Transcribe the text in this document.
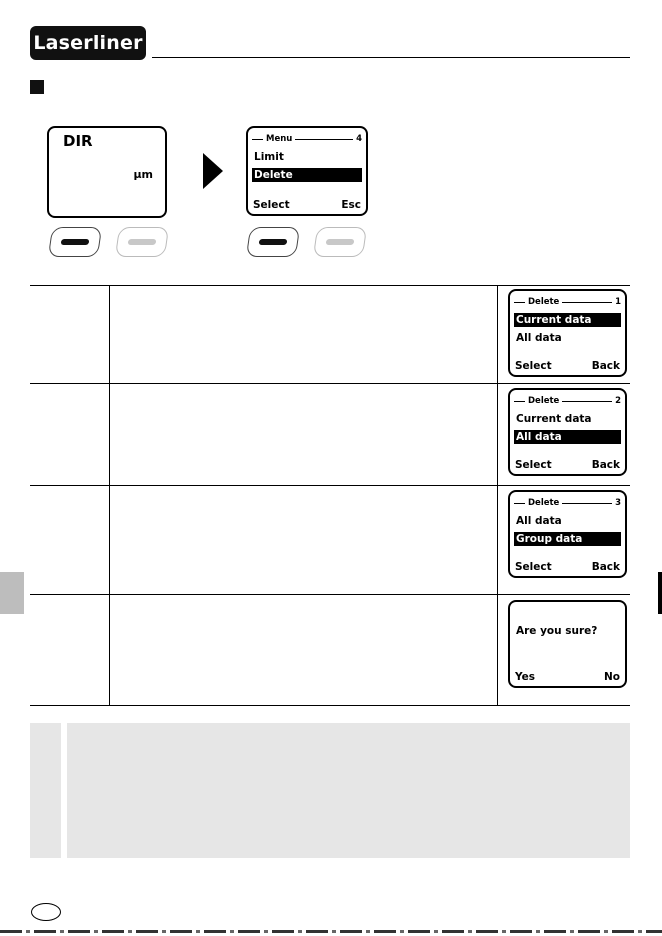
Laserliner
DIR
µm
Menu	4
Limit
Delete
Select	Esc
Delete	1
Current data
All data
Select	Back
Delete	2
Current data
All data
Select	Back
Delete	3
All data
Group data
Select	Back
Are you sure?
Yes	No
